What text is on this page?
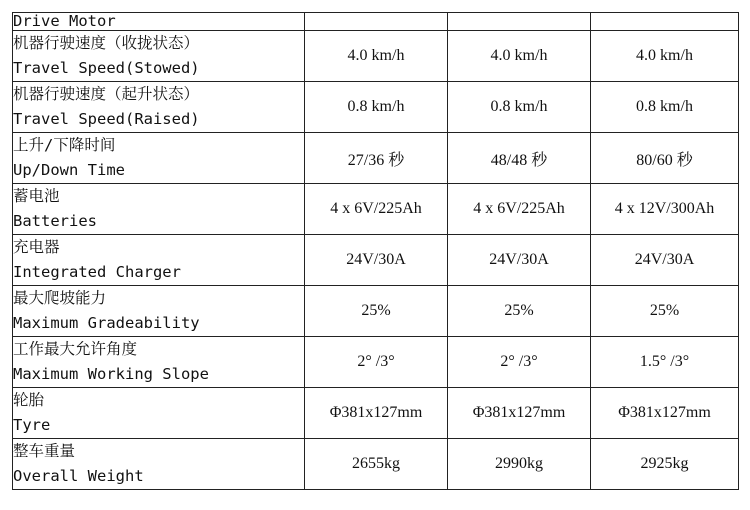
Drive Motor			

机器行驶速度（收拢状态）
Travel Speed(Stowed)	4.0 km/h	4.0 km/h	4.0 km/h

机器行驶速度（起升状态）
Travel Speed(Raised)	0.8 km/h	0.8 km/h	0.8 km/h

上升/下降时间
Up/Down Time	27/36 秒	48/48 秒	80/60 秒

蓄电池
Batteries	4 x 6V/225Ah	4 x 6V/225Ah	4 x 12V/300Ah

充电器
Integrated Charger	24V/30A	24V/30A	24V/30A

最大爬坡能力
Maximum Gradeability	25%	25%	25%

工作最大允许角度
Maximum Working Slope	2° /3°	2° /3°	1.5° /3°

轮胎
Tyre	Φ381x127mm	Φ381x127mm	Φ381x127mm

整车重量
Overall Weight	2655kg	2990kg	2925kg
